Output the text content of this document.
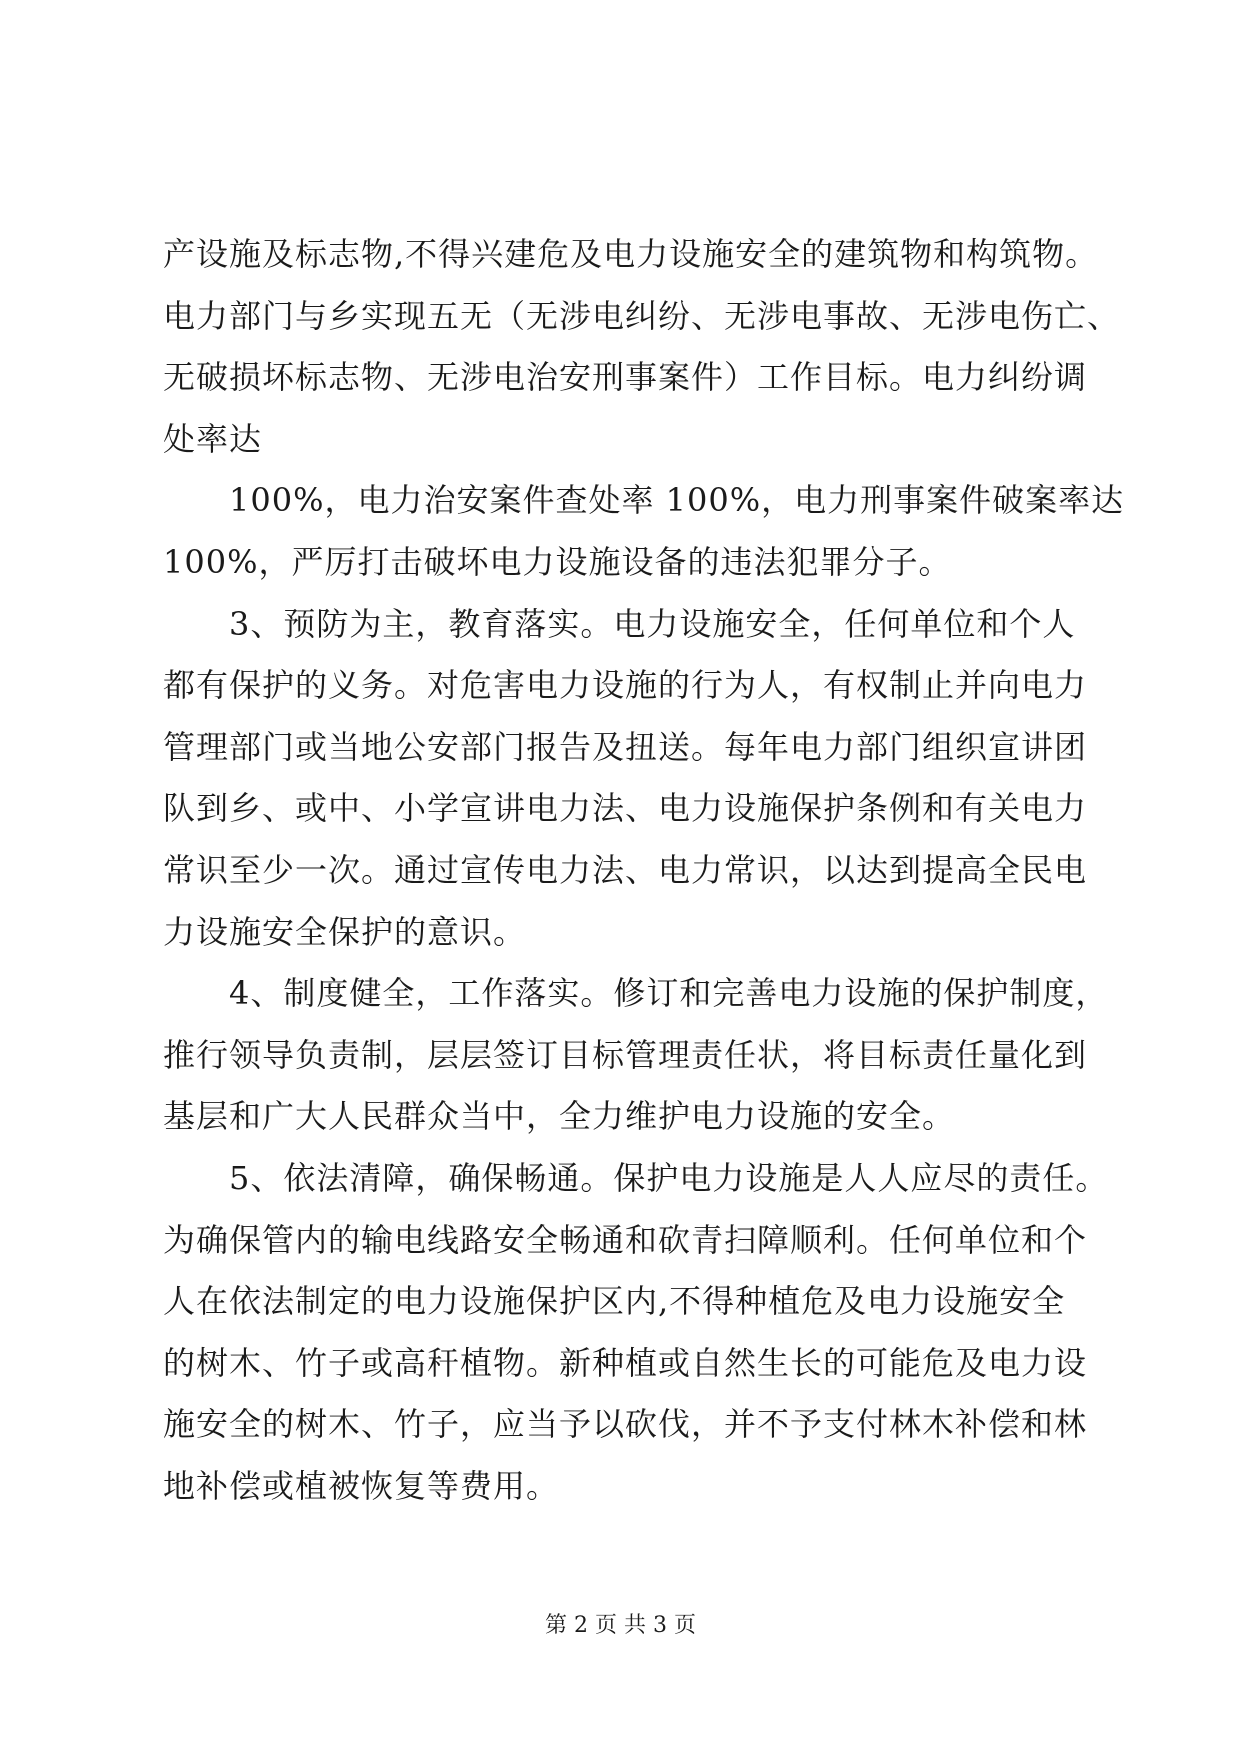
产设施及标志物,不得兴建危及电力设施安全的建筑物和构筑物。
电力部门与乡实现五无（无涉电纠纷、无涉电事故、无涉电伤亡、
无破损坏标志物、无涉电治安刑事案件）工作目标。电力纠纷调
处率达
100%，电力治安案件查处率 100%，电力刑事案件破案率达
100%，严厉打击破坏电力设施设备的违法犯罪分子。
3、预防为主，教育落实。电力设施安全，任何单位和个人
都有保护的义务。对危害电力设施的行为人，有权制止并向电力
管理部门或当地公安部门报告及扭送。每年电力部门组织宣讲团
队到乡、或中、小学宣讲电力法、电力设施保护条例和有关电力
常识至少一次。通过宣传电力法、电力常识，以达到提高全民电
力设施安全保护的意识。
4、制度健全，工作落实。修订和完善电力设施的保护制度，
推行领导负责制，层层签订目标管理责任状，将目标责任量化到
基层和广大人民群众当中，全力维护电力设施的安全。
5、依法清障，确保畅通。保护电力设施是人人应尽的责任。
为确保管内的输电线路安全畅通和砍青扫障顺利。任何单位和个
人在依法制定的电力设施保护区内,不得种植危及电力设施安全
的树木、竹子或高秆植物。新种植或自然生长的可能危及电力设
施安全的树木、竹子，应当予以砍伐，并不予支付林木补偿和林
地补偿或植被恢复等费用。
第 2 页 共 3 页
